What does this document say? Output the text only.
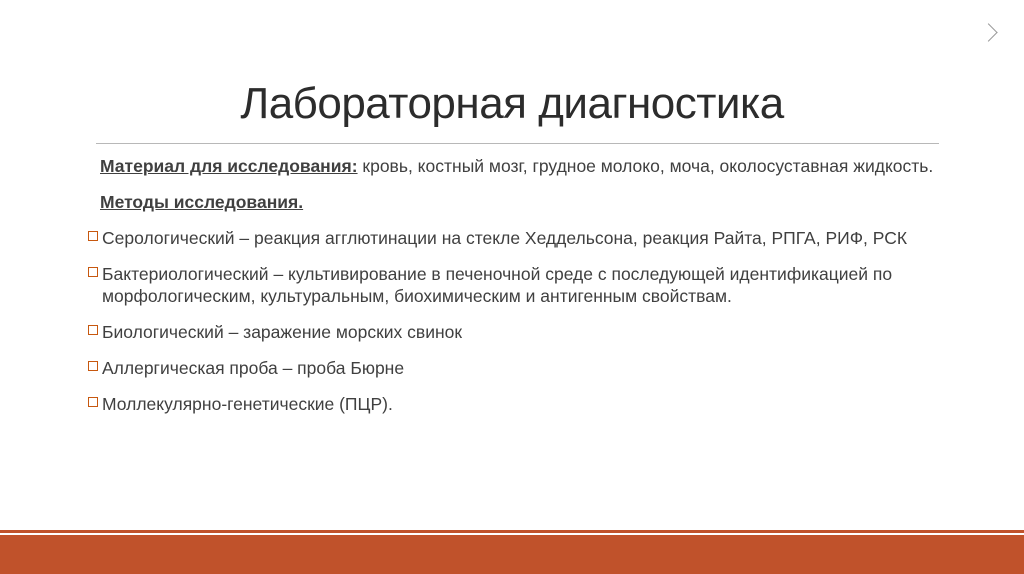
Лабораторная диагностика
Материал для исследования: кровь, костный мозг, грудное молоко, моча, околосуставная жидкость.
Методы исследования.
Серологический – реакция агглютинации на стекле Хеддельсона, реакция Райта, РПГА, РИФ, РСК
Бактериологический – культивирование в печеночной среде с последующей идентификацией по морфологическим, культуральным, биохимическим и антигенным свойствам.
Биологический – заражение морских свинок
Аллергическая проба – проба Бюрне
Моллекулярно-генетические (ПЦР).
